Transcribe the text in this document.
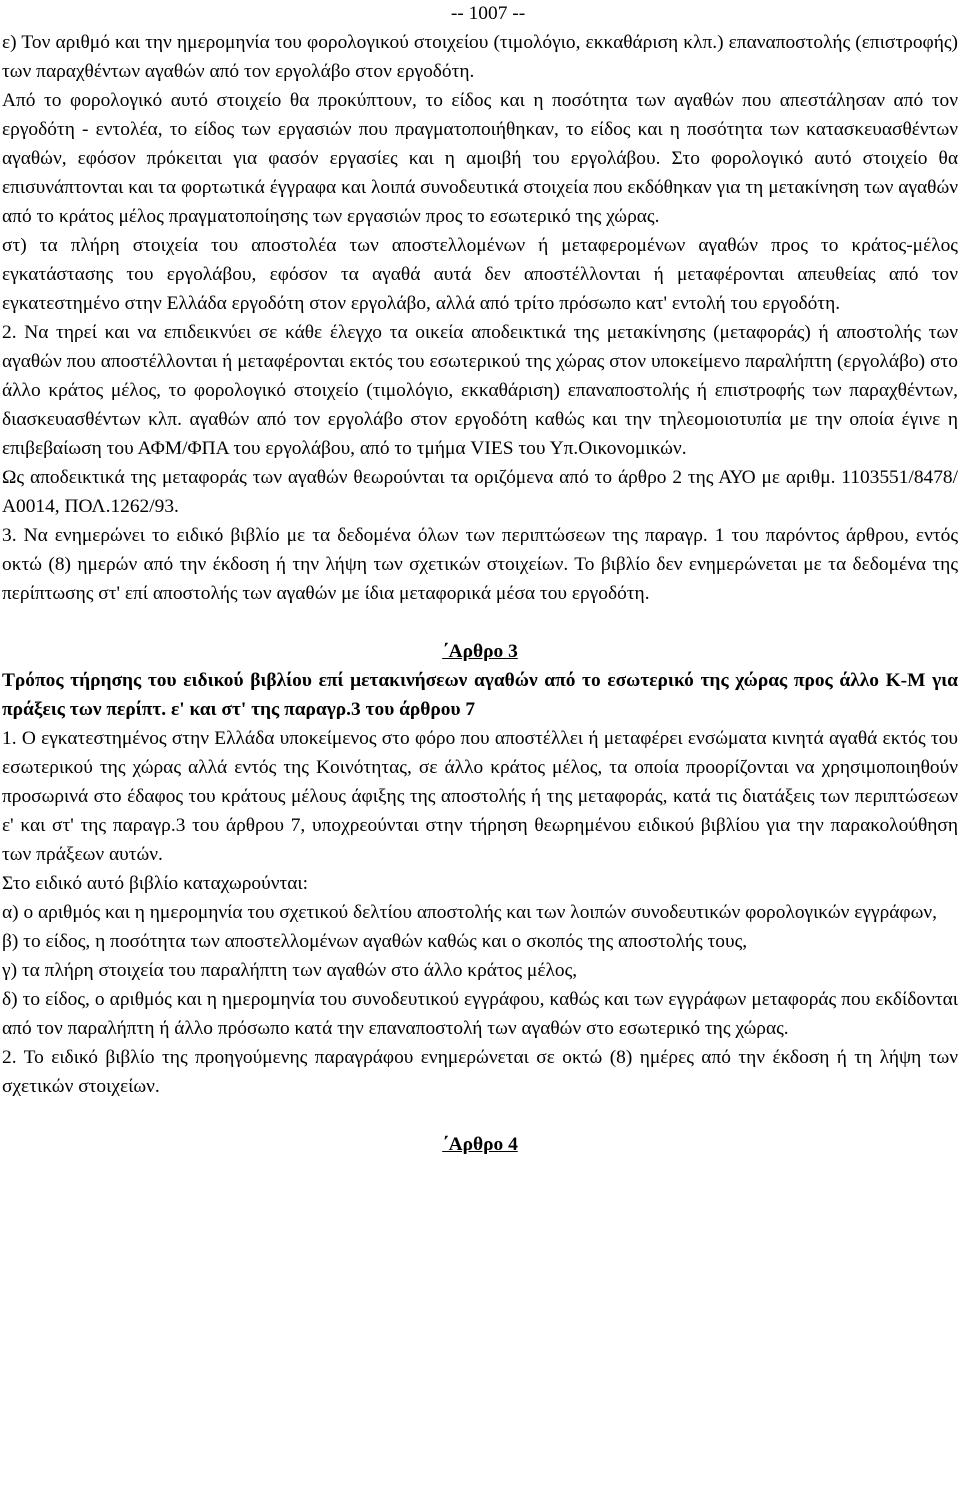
-- 1007 --

ε) Τον αριθμό και την ημερομηνία του φορολογικού στοιχείου (τιμολόγιο, εκκαθάριση κλπ.) επαναποστολής (επιστροφής) των παραχθέντων αγαθών από τον εργολάβο στον εργοδότη.

Από το φορολογικό αυτό στοιχείο θα προκύπτουν, το είδος και η ποσότητα των αγαθών που απεστάλησαν από τον εργοδότη - εντολέα, το είδος των εργασιών που πραγματοποιήθηκαν, το είδος και η ποσότητα των κατασκευασθέντων αγαθών, εφόσον πρόκειται για φασόν εργασίες και η αμοιβή του εργολάβου. Στο φορολογικό αυτό στοιχείο θα επισυνάπτονται και τα φορτωτικά έγγραφα και λοιπά συνοδευτικά στοιχεία που εκδόθηκαν για τη μετακίνηση των αγαθών από το κράτος μέλος πραγματοποίησης των εργασιών προς το εσωτερικό της χώρας.

στ) τα πλήρη στοιχεία του αποστολέα των αποστελλομένων ή μεταφερομένων αγαθών προς το κράτος-μέλος εγκατάστασης του εργολάβου, εφόσον τα αγαθά αυτά δεν αποστέλλονται ή μεταφέρονται απευθείας από τον εγκατεστημένο στην Ελλάδα εργοδότη στον εργολάβο, αλλά από τρίτο πρόσωπο κατ' εντολή του εργοδότη.

2. Να τηρεί και να επιδεικνύει σε κάθε έλεγχο τα οικεία αποδεικτικά της μετακίνησης (μεταφοράς) ή αποστολής των αγαθών που αποστέλλονται ή μεταφέρονται εκτός του εσωτερικού της χώρας στον υποκείμενο παραλήπτη (εργολάβο) στο άλλο κράτος μέλος, το φορολογικό στοιχείο (τιμολόγιο, εκκαθάριση) επαναποστολής ή επιστροφής των παραχθέντων, διασκευασθέντων κλπ. αγαθών από τον εργολάβο στον εργοδότη καθώς και την τηλεομοιοτυπία με την οποία έγινε η επιβεβαίωση του ΑΦΜ/ΦΠΑ του εργολάβου, από το τμήμα VIES του Υπ.Οικονομικών.

Ως αποδεικτικά της μεταφοράς των αγαθών θεωρούνται τα οριζόμενα από το άρθρο 2 της ΑΥΟ με αριθμ. 1103551/8478/Α0014, ΠΟΛ.1262/93.

3. Να ενημερώνει το ειδικό βιβλίο με τα δεδομένα όλων των περιπτώσεων της παραγρ. 1 του παρόντος άρθρου, εντός οκτώ (8) ημερών από την έκδοση ή την λήψη των σχετικών στοιχείων. Το βιβλίο δεν ενημερώνεται με τα δεδομένα της περίπτωσης στ' επί αποστολής των αγαθών με ίδια μεταφορικά μέσα του εργοδότη.

΄Αρθρο 3

Τρόπος τήρησης του ειδικού βιβλίου επί μετακινήσεων αγαθών από το εσωτερικό της χώρας προς άλλο Κ-Μ για πράξεις των περίπτ. ε' και στ' της παραγρ.3 του άρθρου 7

1. Ο εγκατεστημένος στην Ελλάδα υποκείμενος στο φόρο που αποστέλλει ή μεταφέρει ενσώματα κινητά αγαθά εκτός του εσωτερικού της χώρας αλλά εντός της Κοινότητας, σε άλλο κράτος μέλος, τα οποία προορίζονται να χρησιμοποιηθούν προσωρινά στο έδαφος του κράτους μέλους άφιξης της αποστολής ή της μεταφοράς, κατά τις διατάξεις των περιπτώσεων ε' και στ' της παραγρ.3 του άρθρου 7, υποχρεούνται στην τήρηση θεωρημένου ειδικού βιβλίου για την παρακολούθηση των πράξεων αυτών.

Στο ειδικό αυτό βιβλίο καταχωρούνται:

α) ο αριθμός και η ημερομηνία του σχετικού δελτίου αποστολής και των λοιπών συνοδευτικών φορολογικών εγγράφων,

β) το είδος, η ποσότητα των αποστελλομένων αγαθών καθώς και ο σκοπός της αποστολής τους,

γ) τα πλήρη στοιχεία του παραλήπτη των αγαθών στο άλλο κράτος μέλος,

δ) το είδος, ο αριθμός και η ημερομηνία του συνοδευτικού εγγράφου, καθώς και των εγγράφων μεταφοράς που εκδίδονται από τον παραλήπτη ή άλλο πρόσωπο κατά την επαναποστολή των αγαθών στο εσωτερικό της χώρας.

2. Το ειδικό βιβλίο της προηγούμενης παραγράφου ενημερώνεται σε οκτώ (8) ημέρες από την έκδοση ή τη λήψη των σχετικών στοιχείων.

΄Αρθρο 4
